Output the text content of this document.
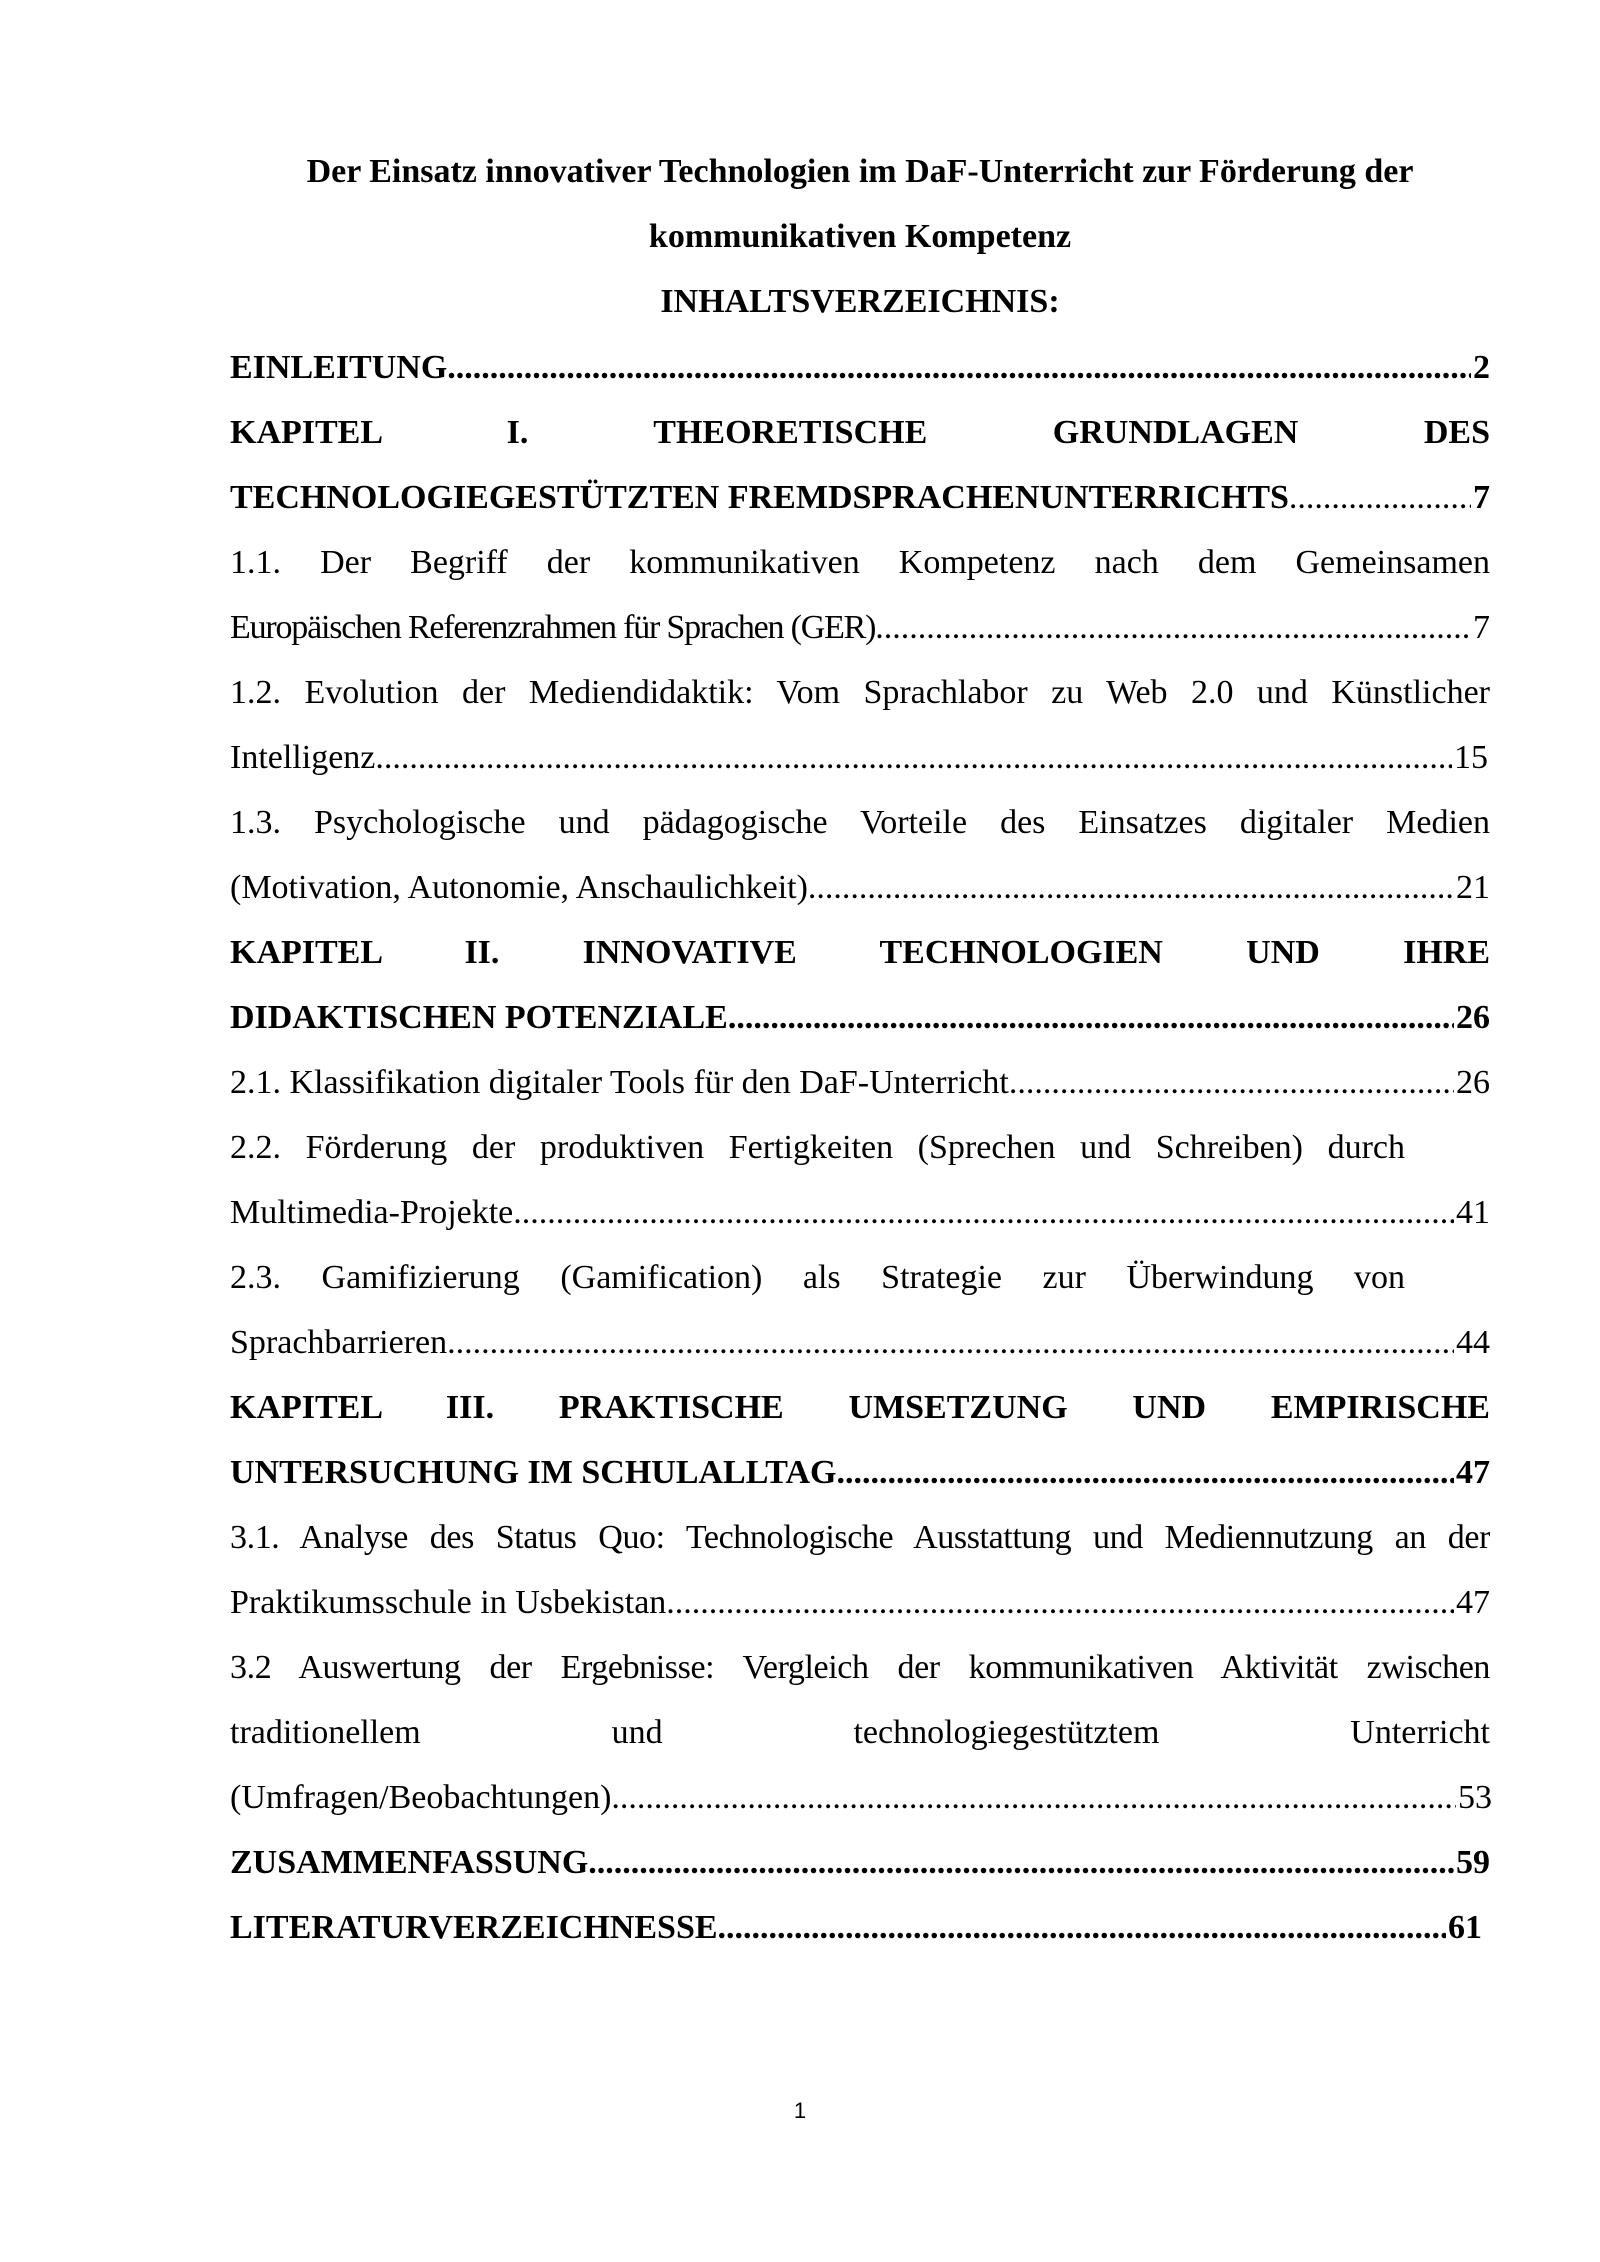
Der Einsatz innovativer Technologien im DaF-Unterricht zur Förderung der
kommunikativen Kompetenz
INHALTSVERZEICHNIS:
EINLEITUNG .....	2
KAPITEL I. THEORETISCHE GRUNDLAGEN DES
TECHNOLOGIEGESTÜTZTEN FREMDSPRACHENUNTERRICHTS .....	7
1.1. Der Begriff der kommunikativen Kompetenz nach dem Gemeinsamen
Europäischen Referenzrahmen für Sprachen (GER) .....	7
1.2. Evolution der Mediendidaktik: Vom Sprachlabor zu Web 2.0 und Künstlicher
Intelligenz .....	15
1.3. Psychologische und pädagogische Vorteile des Einsatzes digitaler Medien
(Motivation, Autonomie, Anschaulichkeit) .....	21
KAPITEL II. INNOVATIVE TECHNOLOGIEN UND IHRE
DIDAKTISCHEN POTENZIALE .....	26
2.1. Klassifikation digitaler Tools für den DaF-Unterricht .....	26
2.2. Förderung der produktiven Fertigkeiten (Sprechen und Schreiben) durch
Multimedia-Projekte .....	41
2.3. Gamifizierung (Gamification) als Strategie zur Überwindung von
Sprachbarrieren .....	44
KAPITEL III. PRAKTISCHE UMSETZUNG UND EMPIRISCHE
UNTERSUCHUNG IM SCHULALLTAG .....	47
3.1. Analyse des Status Quo: Technologische Ausstattung und Mediennutzung an der
Praktikumsschule in Usbekistan .....	47
3.2 Auswertung der Ergebnisse: Vergleich der kommunikativen Aktivität zwischen
traditionellem und technologiegestütztem Unterricht
(Umfragen/Beobachtungen) .....	53
ZUSAMMENFASSUNG .....	59
LITERATURVERZEICHNESSE .....	61
1
